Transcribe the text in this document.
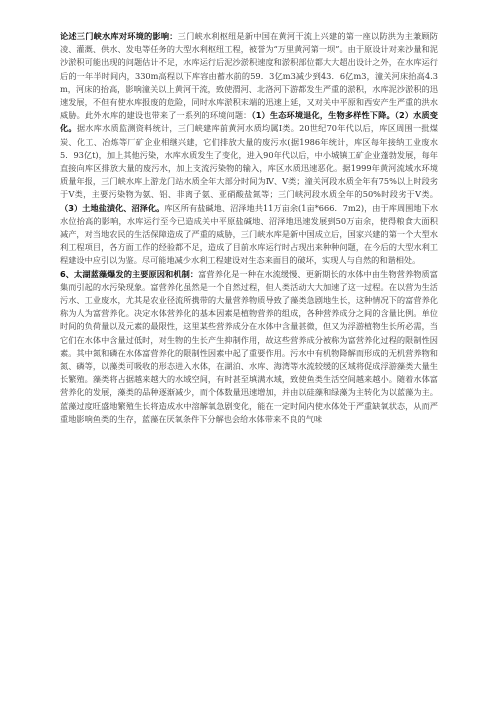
论述三门峡水库对环境的影响：三门峡水利枢纽是新中国在黄河干流上兴建的第一座以防洪为主兼顾防凌、灌溉、供水、发电等任务的大型水利枢纽工程，被誉为“万里黄河第一坝”。由于原设计对来沙量和泥沙淤积可能出现的问题估计不足，水库运行后泥沙淤积速度和淤积部位都大大超出设计之外，在水库运行后的一年半时间内，330m高程以下库容由蓄水前的59．3亿m3减少到43．6亿m3，潼关河床抬高4.3m，河床的抬高，影响潼关以上黄河干流，致使渭河、北洛河下游都发生严重的淤积，水库泥沙淤积的迅速发展，不但有使水库报废的危险，同时水库淤积末端的迅速上延，又对关中平原和西安产生严重的洪水威胁。此外水库的建设也带来了一系列的环境问题：（1）生态环境退化，生物多样性下降。（2）水质变化。据水库水质监测资料统计，三门峡建库前黄河水质均属Ⅰ类。20世纪70年代以后，库区周围一批煤炭、化工、冶炼等厂矿企业相继兴建，它们排放大量的废污水(据1986年统计，库区每年接纳工业废水5．93亿t)，加上其他污染，水库水质发生了变化，进入90年代以后，中小城镇工矿企业蓬勃发展，每年直接向库区排放大量的废污水，加上支流污染物的输入，库区水质迅速恶化。据1999年黄河流域水环境质量年报，三门峡水库上游龙门站水质全年大部分时间为Ⅳ、Ⅴ类；潼关河段水质全年有75%以上时段劣于Ⅴ类，主要污染物为氨、铝、非离子氨、亚硝酸盐氮等；三门峡河段水质全年的50%时段劣于Ⅴ类。（3）土地盐渍化、沼泽化。库区所有盐碱地、沼泽地共11万亩余(1亩*666．7m2)，由于库周围地下水水位抬高的影响，水库运行至今已造成关中平原盐碱地、沼泽地迅速发展到50万亩余，使得粮食大面积减产，对当地农民的生活保障造成了严重的威胁，三门峡水库是新中国成立后，国家兴建的第一个大型水利工程项目，各方面工作的经验都不足，造成了目前水库运行时占现出来种种问题，在今后的大型水利工程建设中应引以为鉴。尽可能地减少水利工程建设对生态来面目的破坏，实现人与自然的和谐相处。

6、太湖蓝藻爆发的主要原因和机制：富营养化是一种在水流缓慢、更新期长的水体中由生物营养物质富集而引起的水污染现象。富营养化虽然是一个自然过程，但人类活动大大加速了这一过程。在以营为生活污水、工业废水，尤其是农业径流所携带的大量营养物质导致了藻类急剧地生长，这种情况下的富营养化称为人为富营养化。决定水体营养化的基本因素是植物营养的组成，各种营养成分之间的含量比例。单位时间的负荷量以及元素的最限性，这里某些营养成分在水体中含量甚微，但又为浮游植物生长所必需，当它们在水体中含量过低时，对生物的生长产生抑制作用，故这些营养成分被称为富营养化过程的限制性因素。其中氮和磷在水体富营养化的限制性因素中起了重要作用。污水中有机物降解而形成的无机营养物和氮、磷等，以藻类可吸收的形态进入水体，在湖泊、水库、海湾等水流较缓的区域将促成浮游藻类大量生长繁殖。藻类将占据越来越大的水域空间，有时甚至填满水域，致使鱼类生活空间越来越小。随着水体富营养化的发展，藻类的品种逐渐减少，而个体数量迅速增加，并由以硅藻和绿藻为主转化为以蓝藻为主。蓝藻过度旺盛地繁殖生长将造成水中溶解氧急剧变化，能在一定时间内使水体处于严重缺氧状态，从而严重地影响鱼类的生存，蓝藻在厌氧条件下分解也会给水体带来不良的气味
